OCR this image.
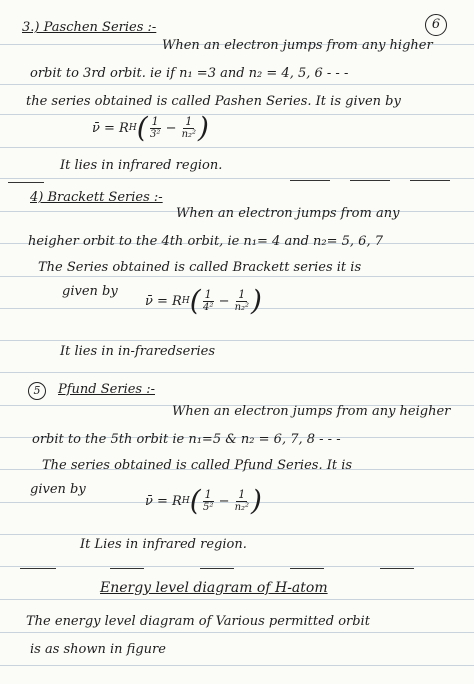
6
3.) Paschen Series :-
When an electron jumps from any higher
orbit to 3rd orbit. ie if n₁ =3 and n₂ = 4, 5, 6 - - -
the series obtained is called Pashen Series. It is given by
ν̄ = R H ( $\frac{1}{\text{3²}} - \frac{1}{\text{n₂²}}$ )
It lies in infrared region.
4) Brackett Series :-
When an electron jumps from any
heigher orbit to the 4th orbit, ie n₁= 4 and n₂= 5, 6, 7
The Series obtained is called Brackett series it is
given by
ν̄ = R H ( $\frac{1}{\text{4²}} - \frac{1}{\text{n₂²}}$ )
It lies in in-fraredseries
5	Pfund Series :-
When an electron jumps from any heigher
orbit to the 5th orbit ie n₁=5 & n₂ = 6, 7, 8 - - -
The series obtained is called Pfund Series. It is
given by
ν̄ = R H ( $\frac{1}{\text{5²}} - \frac{1}{\text{n₂²}}$ )
It Lies in infrared region.
Energy level diagram of H-atom
The energy level diagram of Various permitted orbit
is as shown in figure
